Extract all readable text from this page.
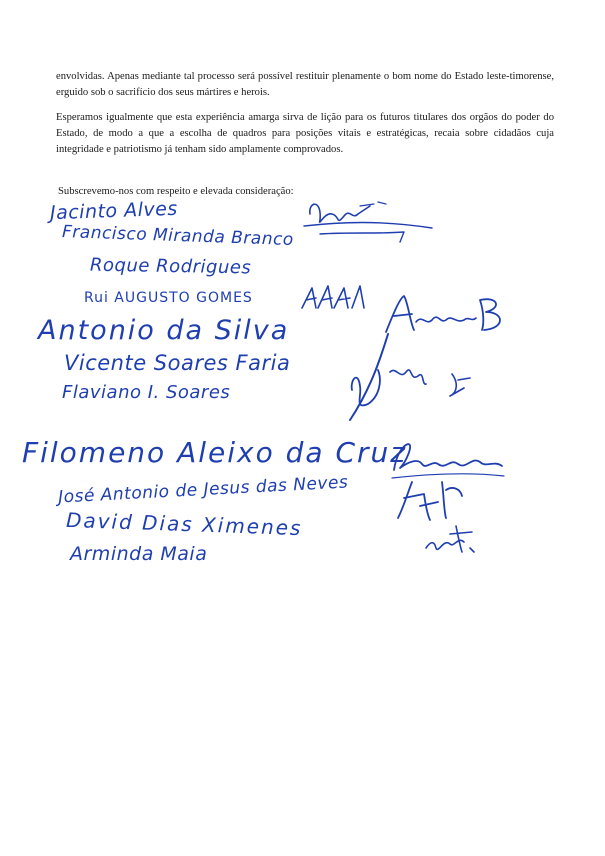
envolvidas. Apenas mediante tal processo será possível restituir plenamente o bom nome do Estado leste-timorense, erguido sob o sacrifício dos seus mártires e herois.

Esperamos igualmente que esta experiência amarga sirva de lição para os futuros titulares dos orgãos do poder do Estado, de modo a que a escolha de quadros para posições vitais e estratégicas, recaia sobre cidadãos cuja integridade e patriotismo já tenham sido amplamente comprovados.

Subscrevemo-nos com respeito e elevada consideração:

Jacinto Alves
Francisco Miranda Branco
Roque Rodrigues
Rui AUGUSTO GOMES
Antonio da Silva
Vicente Soares Faria
Flaviano I. Soares
Filomeno Aleixo da Cruz
José Antonio de Jesus das Neves
David Dias Ximenes
Arminda Maia
